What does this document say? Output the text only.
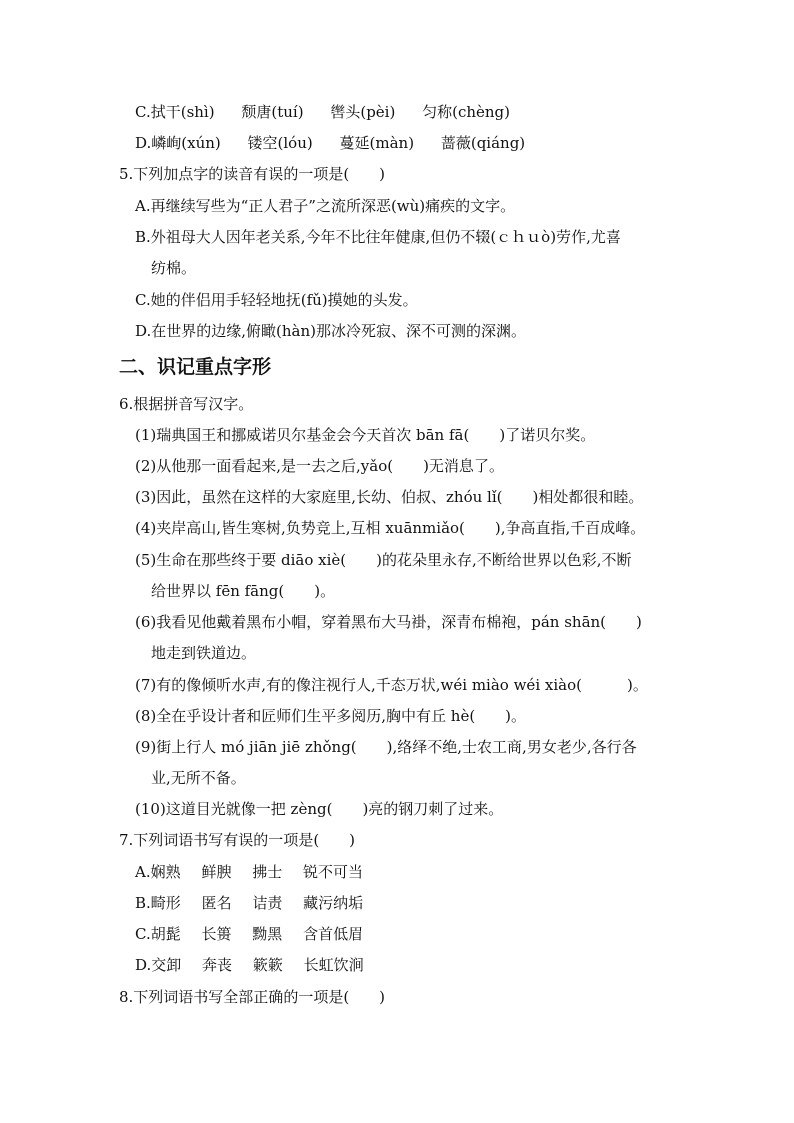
C.拭干(shì) 颓唐(tuí) 辔头(pèi) 匀称(chèng)
D.嶙峋(xún) 镂空(lóu) 蔓延(màn) 蔷薇(qiáng)
5.下列加点字的读音有误的一项是(　　)
A.再继续写些为“正人君子”之流所深恶(wù)痛疾的文字。
B.外祖母大人因年老关系,今年不比往年健康,但仍不辍(ｃｈｕò)劳作,尤喜
纺棉。
C.她的伴侣用手轻轻地抚(fǔ)摸她的头发。
D.在世界的边缘,俯瞰(hàn)那冰冷死寂、深不可测的深渊。
二、识记重点字形
6.根据拼音写汉字。
(1)瑞典国王和挪威诺贝尔基金会今天首次 bān fā(　　)了诺贝尔奖。
(2)从他那一面看起来,是一去之后,yǎo(　　)无消息了。
(3)因此，虽然在这样的大家庭里,长幼、伯叔、zhóu lǐ(　　)相处都很和睦。
(4)夹岸高山,皆生寒树,负势竞上,互相 xuānmiǎo(　　),争高直指,千百成峰。
(5)生命在那些终于要 diāo xiè(　　)的花朵里永存,不断给世界以色彩,不断
给世界以 fēn fāng(　　)。
(6)我看见他戴着黑布小帽，穿着黑布大马褂，深青布棉袍，pán shān(　　)
地走到铁道边。
(7)有的像倾听水声,有的像注视行人,千态万状,wéi miào wéi xiào(　　　)。
(8)全在乎设计者和匠师们生平多阅历,胸中有丘 hè(　　)。
(9)街上行人 mó jiān jiē zhǒng(　　),络绎不绝,士农工商,男女老少,各行各
业,无所不备。
(10)这道目光就像一把 zèng(　　)亮的钢刀刺了过来。
7.下列词语书写有误的一项是(　　)
A.娴熟 鲜腴 拂士 锐不可当
B.畸形 匿名 诘责 藏污纳垢
C.胡髭 长篑 黝黑 含首低眉
D.交卸 奔丧 簌簌 长虹饮涧
8.下列词语书写全部正确的一项是(　　)
